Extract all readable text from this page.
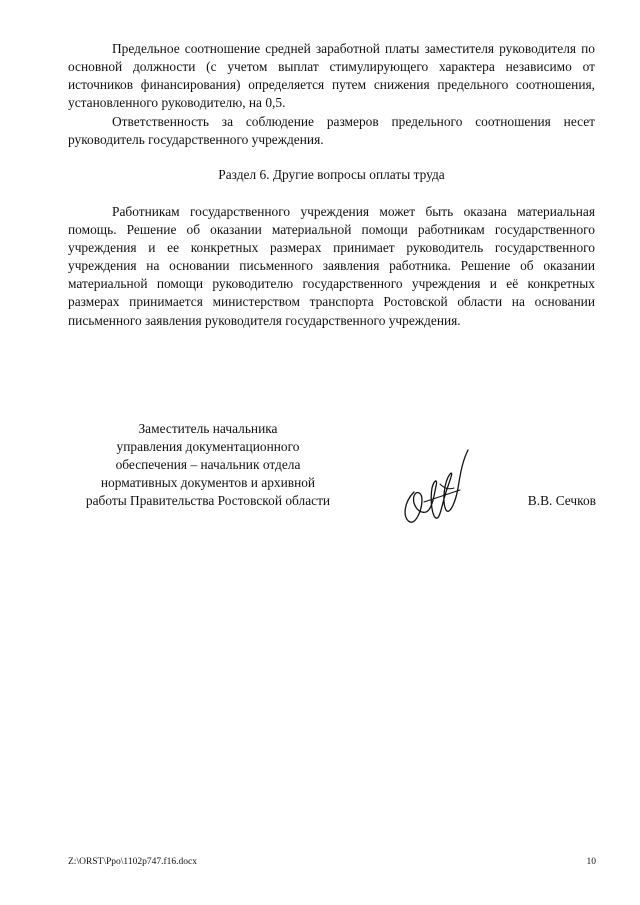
Предельное соотношение средней заработной платы заместителя руководителя по основной должности (с учетом выплат стимулирующего характера независимо от источников финансирования) определяется путем снижения предельного соотношения, установленного руководителю, на 0,5.

Ответственность за соблюдение размеров предельного соотношения несет руководитель государственного учреждения.

Раздел 6. Другие вопросы оплаты труда

Работникам государственного учреждения может быть оказана материальная помощь. Решение об оказании материальной помощи работникам государственного учреждения и ее конкретных размерах принимает руководитель государственного учреждения на основании письменного заявления работника. Решение об оказании материальной помощи руководителю государственного учреждения и её конкретных размерах принимается министерством транспорта Ростовской области на основании письменного заявления руководителя государственного учреждения.

Заместитель начальника
управления документационного
обеспечения – начальник отдела
нормативных документов и архивной
работы Правительства Ростовской области	В.В. Сечков

Z:\ORST\Ppo\1102p747.f16.docx	10
